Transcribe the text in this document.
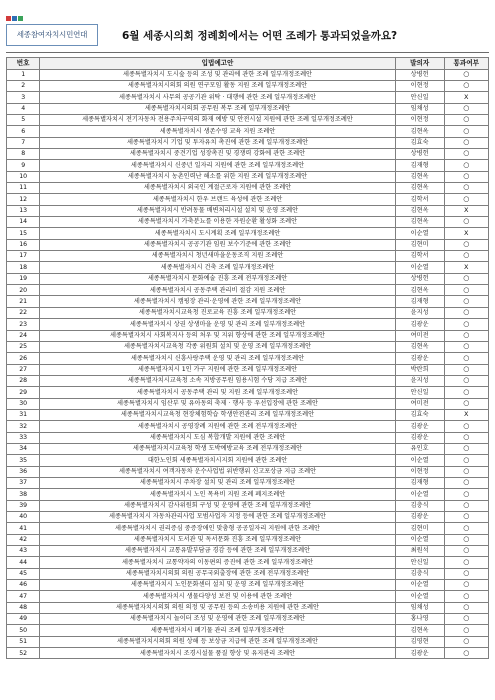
세종참여자치시민연대	6월 세종시의회 정례회에서는 어떤 조례가 통과되었을까요?
번호	입법예고안	발의자	통과여부
1	세종특별자치시 도시숲 등의 조성 및 관리에 관한 조례 일부개정조례안	상병헌	○
2	세종특별자치시의회 의원 연구모임 활동 지원 조례 일부개정조례안	이현정	○
3	세종특별자치시 사무의 공공기관 위탁 · 대행에 관한 조례 일부개정조례안	안신일	X
4	세종특별자치시의회 공무원 복무 조례 일부개정조례안	임채성	○
5	세종특별자치시 전기자동차 전용주차구역의 화재 예방 및 안전시설 지원에 관한 조례 일부개정조례안	이현정	○
6	세종특별자치시 생존수영 교육 지원 조례안	김현옥	○
7	세종특별자치시 기업 및 투자유치 촉진에 관한 조례 일부개정조례안	김효숙	○
8	세종특별자치시 중견기업 성장촉진 및 경쟁력 강화에 관한 조례안	상병헌	○
9	세종특별자치시 신중년 일자리 지원에 관한 조례 일부개정조례안	김재형	○
10	세종특별자치시 농촌인력난 해소를 위한 지원 조례 일부개정조례안	김현옥	○
11	세종특별자치시 외국인 계절근로자 지원에 관한 조례안	김현옥	○
12	세종특별자치시 한우 브랜드 육성에 관한 조례안	김학서	○
13	세종특별자치시 반려동물 배변처리시설 설치 및 운영 조례안	김현옥	X
14	세종특별자치시 가축분뇨를 이용한 자원순환 활성화 조례안	김현옥	○
15	세종특별자치시 도시계획 조례 일부개정조례안	이순열	X
16	세종특별자치시 공공기관 임원 보수기준에 관한 조례안	김현미	○
17	세종특별자치시 청년새마을운동조직 지원 조례안	김학서	○
18	세종특별자치시 건축 조례 일부개정조례안	이순열	X
19	세종특별자치시 문화예술 진흥 조례 전부개정조례안	상병헌	○
20	세종특별자치시 공동주택 관리비 절감 지원 조례안	김현옥	○
21	세종특별자치시 캠핑장 관리·운영에 관한 조례 일부개정조례안	김재형	○
22	세종특별자치시교육청 진로교육 진흥 조례 일부개정조례안	윤지성	○
23	세종특별자치시 상권 상생마을 운영 및 관리 조례 일부개정조례안	김광운	○
24	세종특별자치시 사회복지사 등의 처우 및 지위 향상에 관한 조례 일부개정조례안	여미전	○
25	세종특별자치시교육청 각종 위원회 설치 및 운영 조례 일부개정조례안	김현옥	○
26	세종특별자치시 신흥사랑주택 운영 및 관리 조례 일부개정조례안	김광운	○
27	세종특별자치시 1인 가구 지원에 관한 조례 일부개정조례안	박란희	○
28	세종특별자치시교육청 소속 지방공무원 임용시험 수당 지급 조례안	윤지성	○
29	세종특별자치시 공동주택 관리 및 지원 조례 일부개정조례안	안신일	○
30	세종특별자치시 임산부 및 유아동의 축제 · 행사 등 우선입장에 관한 조례안	여미전	○
31	세종특별자치시교육청 현장체험학습 학생안전관리 조례 일부개정조례안	김효숙	X
32	세종특별자치시 공영장례 지원에 관한 조례 전부개정조례안	김광운	○
33	세종특별자치시 도심 복합개발 지원에 관한 조례안	김광운	○
34	세종특별자치시교육청 학생 도박예방교육 조례 전부개정조례안	유인호	○
35	대한노인회 세종특별자치시지회 지원에 관한 조례안	이순열	○
36	세종특별자치시 여객자동차 운수사업법 위반행위 신고포상금 지급 조례안	이현정	○
37	세종특별자치시 주차장 설치 및 관리 조례 일부개정조례안	김재형	○
38	세종특별자치시 노인 목욕비 지원 조례 폐지조례안	이순열	○
39	세종특별자치시 감사위원회 구성 및 운영에 관한 조례 일부개정조례안	김충식	○
40	세종특별자치시 자동차관리사업 모범사업자 지정 등에 관한 조례 일부개정조례안	김광운	○
41	세종특별자치시 권리증심 중증장애인 맞춤형 공공일자리 지원에 관한 조례안	김현미	○
42	세종특별자치시 도서관 및 독서문화 진흥 조례 일부개정조례안	이순열	○
43	세종특별자치시 교통유발부담금 경감 등에 관한 조례 일부개정조례안	최원석	○
44	세종특별자치시 교통약자의 이동편의 증진에 관한 조례 일부개정조례안	안신일	○
45	세종특별자치시의회 의원 공무국외출장에 관한 조례 전부개정조례안	김충식	○
46	세종특별자치시 노인문화센터 설치 및 운영 조례 일부개정조례안	이순열	○
47	세종특별자치시 생물다양성 보전 및 이용에 관한 조례안	이순열	○
48	세종특별자치시의회 의원 의정 및 공무원 등의 소송비용 지원에 관한 조례안	임채성	○
49	세종특별자치시 놀이터 조성 및 운영에 관한 조례 일부개정조례안	홍나영	○
50	세종특별자치시 폐기물 관리 조례 일부개정조례안	김현옥	○
51	세종특별자치시의회 의원 상해 등 보상금 지급에 관한 조례 일부개정조례안	김영현	○
52	세종특별자치시 조경시설물 품질 향상 및 유지관리 조례안	김광운	○
